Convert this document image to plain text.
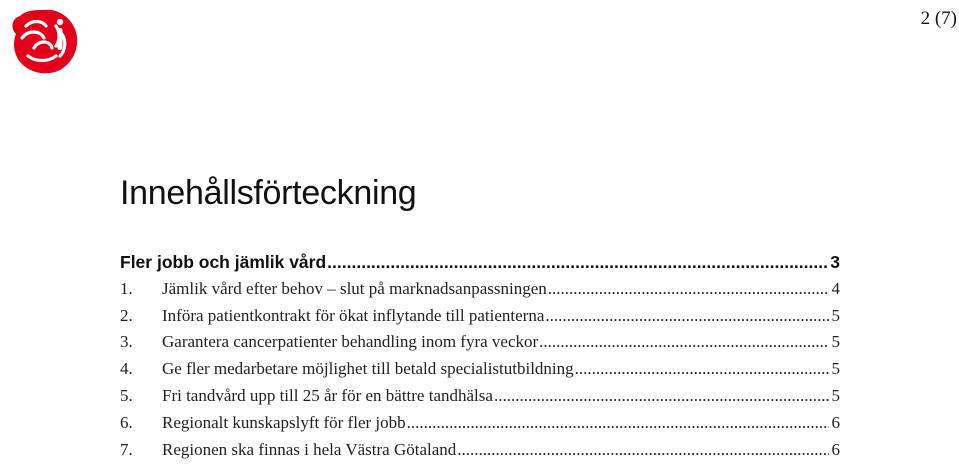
2 (7)
Innehållsförteckning
Fler jobb och jämlik vård .....	3
1.	Jämlik vård efter behov – slut på marknadsanpassningen .....	4
2.	Införa patientkontrakt för ökat inflytande till patienterna .....	5
3.	Garantera cancerpatienter behandling inom fyra veckor .....	5
4.	Ge fler medarbetare möjlighet till betald specialistutbildning .....	5
5.	Fri tandvård upp till 25 år för en bättre tandhälsa .....	5
6.	Regionalt kunskapslyft för fler jobb .....	6
7.	Regionen ska finnas i hela Västra Götaland .....	6
